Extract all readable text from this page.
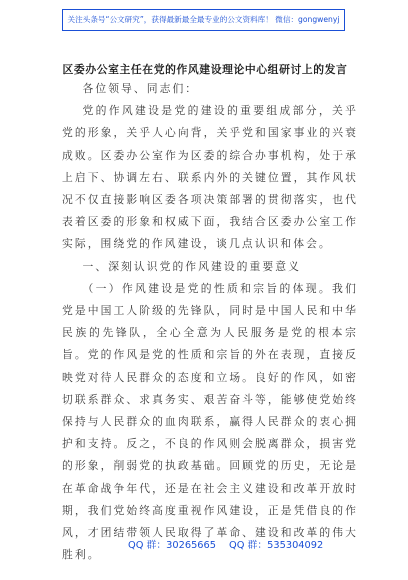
关注头条号“公文研究”，获得最新最全最专业的公文资料库！ 微信：gongwenyj
区委办公室主任在党的作风建设理论中心组研讨上的发言

各位领导、同志们：

党的作风建设是党的建设的重要组成部分，关乎党的形象，关乎人心向背，关乎党和国家事业的兴衰成败。区委办公室作为区委的综合办事机构，处于承上启下、协调左右、联系内外的关键位置，其作风状况不仅直接影响区委各项决策部署的贯彻落实，也代表着区委的形象和权威下面，我结合区委办公室工作实际，围绕党的作风建设，谈几点认识和体会。

一、深刻认识党的作风建设的重要意义

（一）作风建设是党的性质和宗旨的体现。我们党是中国工人阶级的先锋队，同时是中国人民和中华民族的先锋队，全心全意为人民服务是党的根本宗旨。党的作风是党的性质和宗旨的外在表现，直接反映党对待人民群众的态度和立场。良好的作风，如密切联系群众、求真务实、艰苦奋斗等，能够使党始终保持与人民群众的血肉联系，赢得人民群众的衷心拥护和支持。反之，不良的作风则会脱离群众，损害党的形象，削弱党的执政基础。回顾党的历史，无论是在革命战争年代，还是在社会主义建设和改革开放时期，我们党始终高度重视作风建设，正是凭借良的作风，才团结带领人民取得了革命、建设和改革的伟大胜利。

QQ 群：30265665 QQ 群：535304092
